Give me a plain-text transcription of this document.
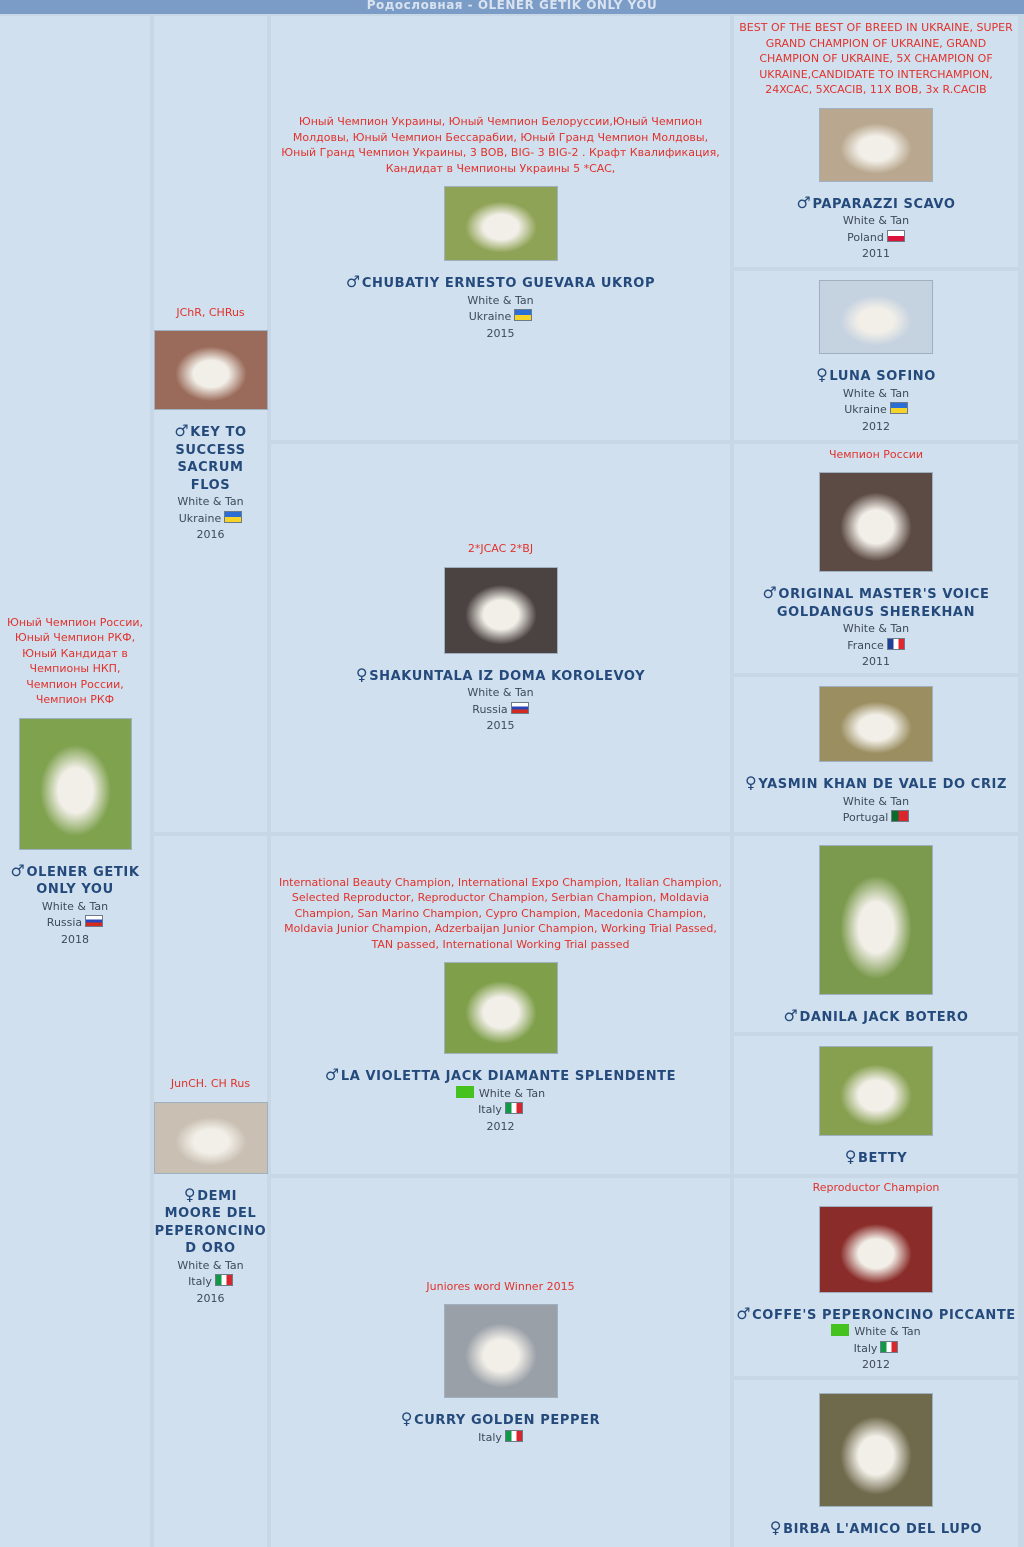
Родословная - OLENER GETIK ONLY YOU
Юный Чемпион России, Юный Чемпион РКФ, Юный Кандидат в Чемпионы НКП, Чемпион России, Чемпион РКФ
♂OLENER GETIK ONLY YOU
White & Tan
Russia
2018
JChR, CHRus
♂KEY TO SUCCESS SACRUM FLOS
White & Tan
Ukraine
2016
JunCH. CH Rus
♀DEMI MOORE DEL PEPERONCINO D ORO
White & Tan
Italy
2016
Юный Чемпион Украины, Юный Чемпион Белоруссии,Юный Чемпион Молдовы, Юный Чемпион Бессарабии, Юный Гранд Чемпион Молдовы, Юный Гранд Чемпион Украины, 3 BOB, BIG- 3 BIG-2 . Крафт Квалификация, Кандидат в Чемпионы Украины 5 *CAC,
♂CHUBATIY ERNESTO GUEVARA UKROP
White & Tan
Ukraine
2015
2*JCAC 2*BJ
♀SHAKUNTALA IZ DOMA KOROLEVOY
White & Tan
Russia
2015
International Beauty Champion, International Expo Champion, Italian Champion, Selected Reproductor, Reproductor Champion, Serbian Champion, Moldavia Champion, San Marino Champion, Cypro Champion, Macedonia Champion, Moldavia Junior Champion, Adzerbaijan Junior Champion, Working Trial Passed, TAN passed, International Working Trial passed
♂LA VIOLETTA JACK DIAMANTE SPLENDENTE
White & Tan
Italy
2012
Juniores word Winner 2015
♀CURRY GOLDEN PEPPER
Italy
BEST OF THE BEST OF BREED IN UKRAINE, SUPER GRAND CHAMPION OF UKRAINE, GRAND CHAMPION OF UKRAINE, 5X CHAMPION OF UKRAINE,CANDIDATE TO INTERCHAMPION, 24XCAC, 5XCACIB, 11X BOB, 3x R.CACIB
♂PAPARAZZI SCAVO
White & Tan
Poland
2011
♀LUNA SOFINO
White & Tan
Ukraine
2012
Чемпион России
♂ORIGINAL MASTER'S VOICE GOLDANGUS SHEREKHAN
White & Tan
France
2011
♀YASMIN KHAN DE VALE DO CRIZ
White & Tan
Portugal
♂DANILA JACK BOTERO
♀BETTY
Reproductor Champion
♂COFFE'S PEPERONCINO PICCANTE
White & Tan
Italy
2012
♀BIRBA L'AMICO DEL LUPO
